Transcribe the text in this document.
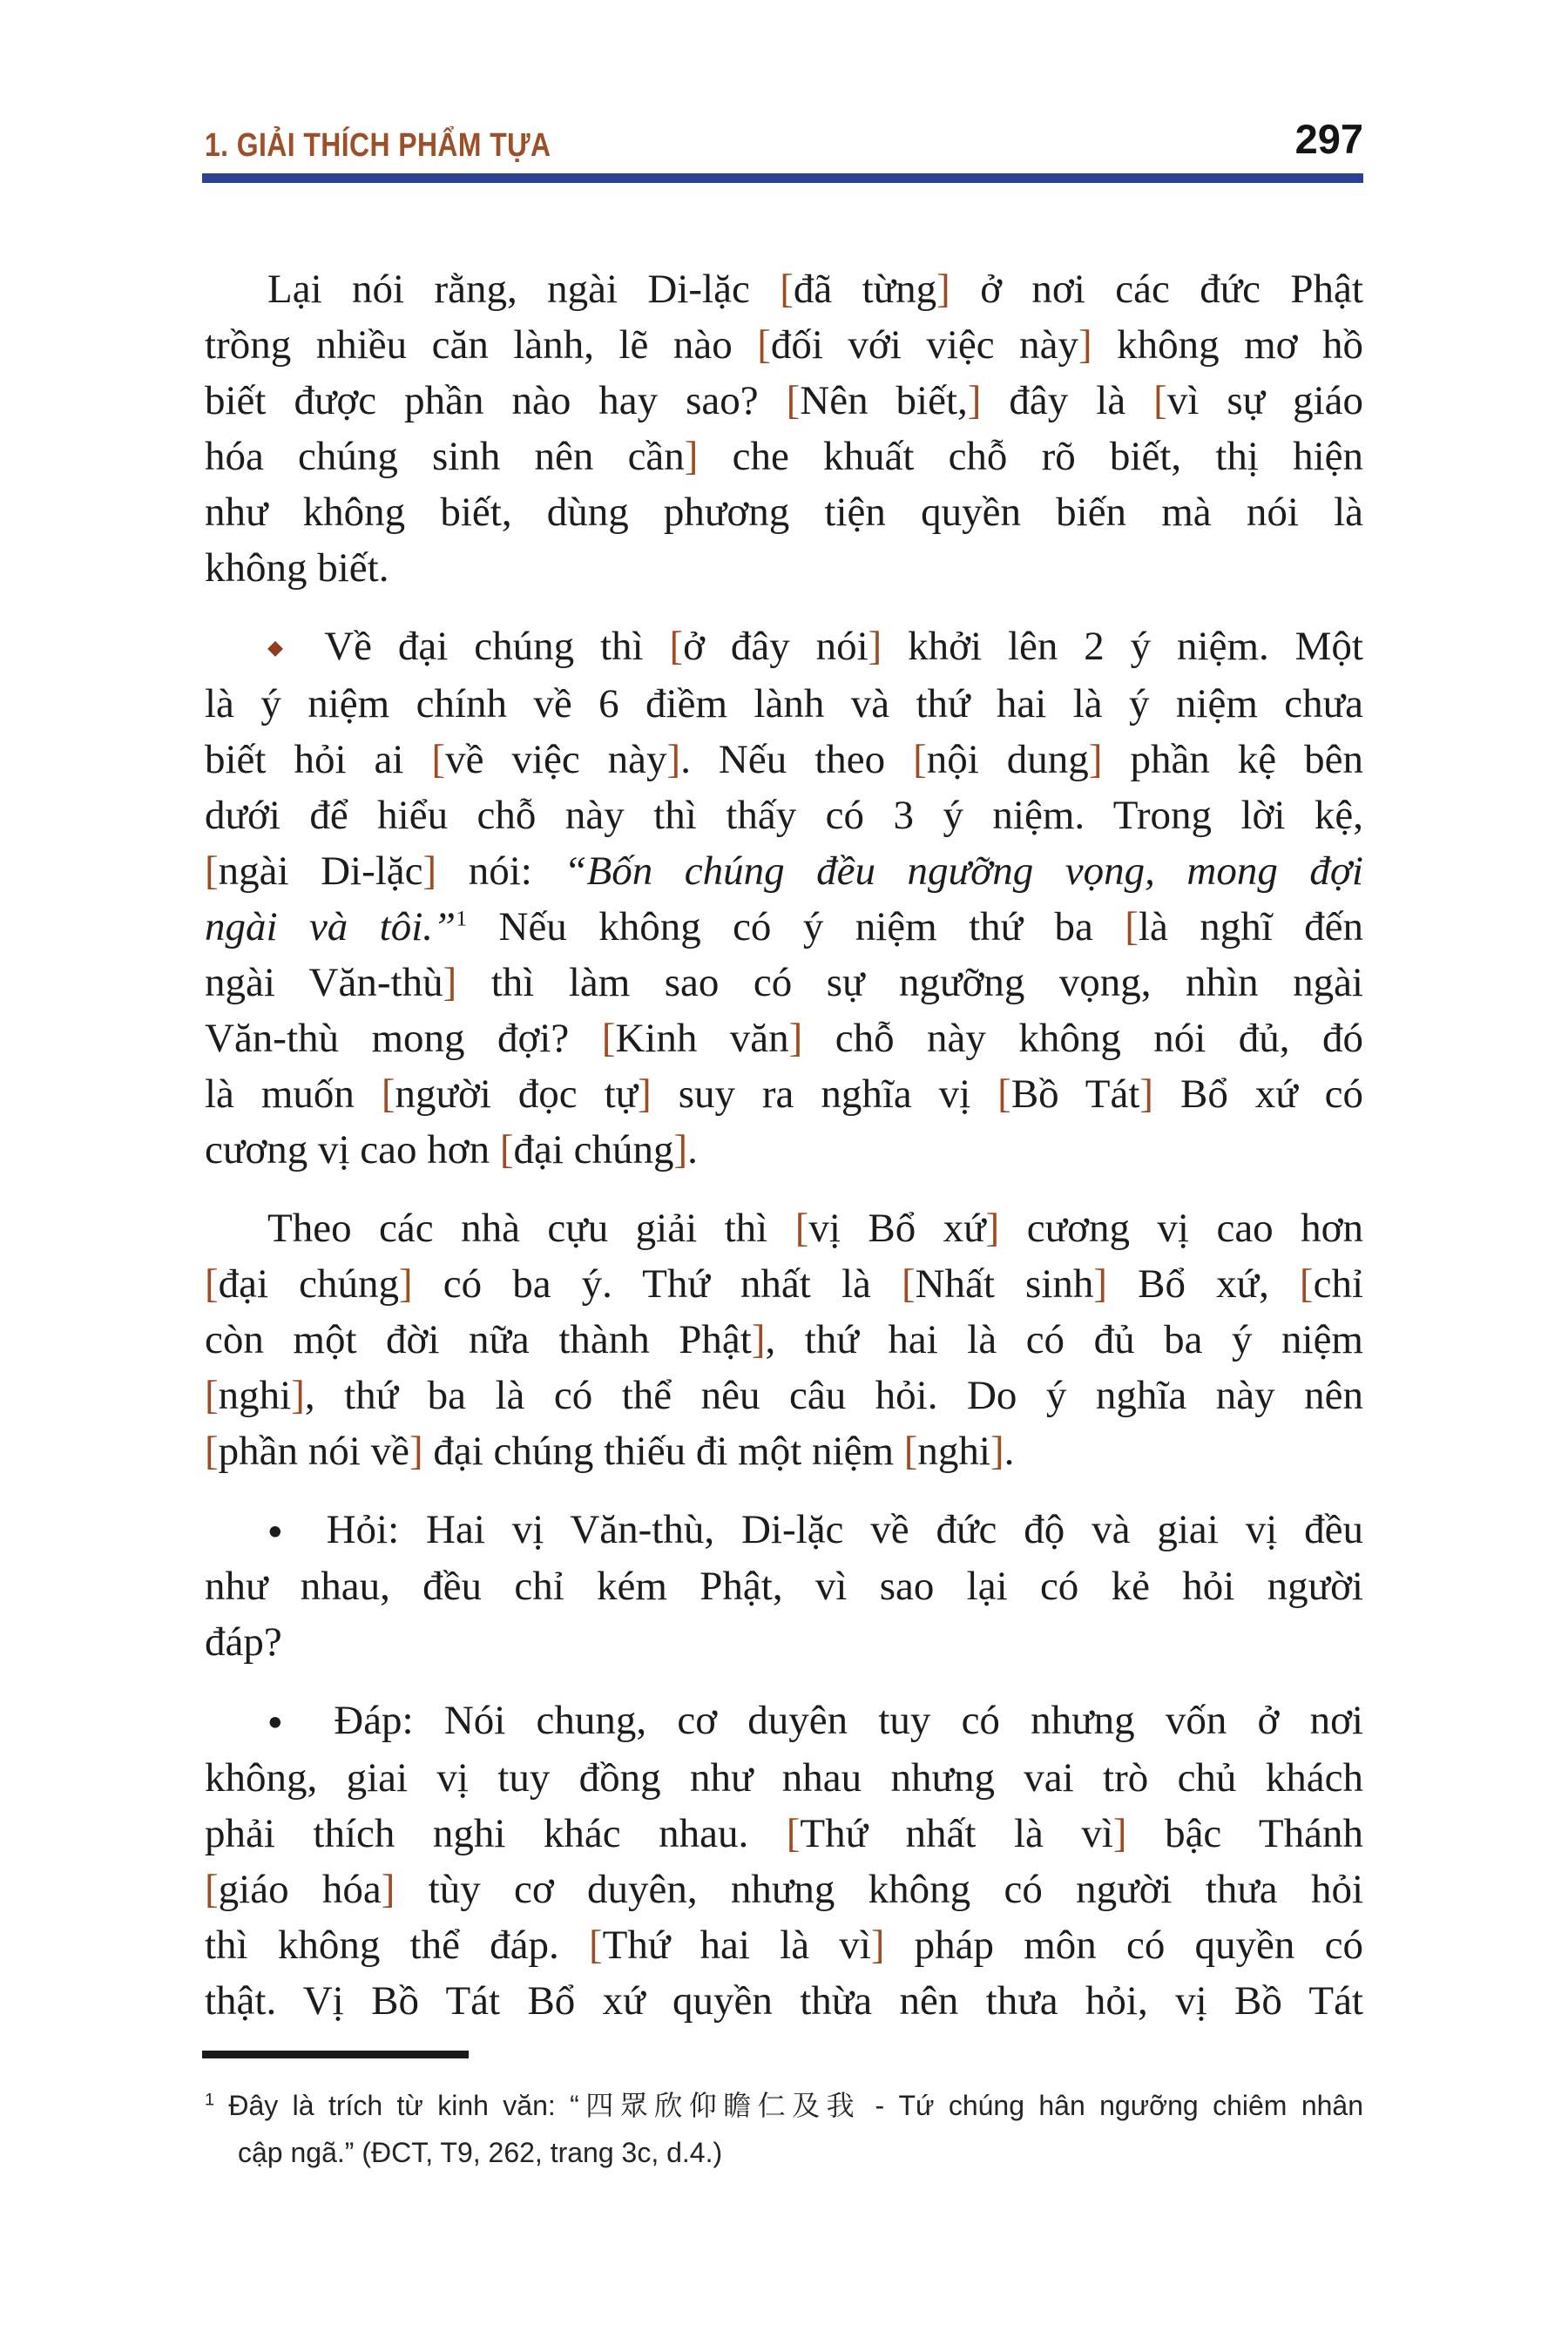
1. GIẢI THÍCH PHẨM TỰA	297
Lại nói rằng, ngài Di-lặc [đã từng] ở nơi các đức Phật
trồng nhiều căn lành, lẽ nào [đối với việc này] không mơ hồ
biết được phần nào hay sao? [Nên biết,] đây là [vì sự giáo
hóa chúng sinh nên cần] che khuất chỗ rõ biết, thị hiện
như không biết, dùng phương tiện quyền biến mà nói là
không biết.
◆ Về đại chúng thì [ở đây nói] khởi lên 2 ý niệm. Một
là ý niệm chính về 6 điềm lành và thứ hai là ý niệm chưa
biết hỏi ai [về việc này]. Nếu theo [nội dung] phần kệ bên
dưới để hiểu chỗ này thì thấy có 3 ý niệm. Trong lời kệ,
[ngài Di-lặc] nói: “Bốn chúng đều ngưỡng vọng, mong đợi
ngài và tôi.”$^1$ Nếu không có ý niệm thứ ba [là nghĩ đến
ngài Văn-thù] thì làm sao có sự ngưỡng vọng, nhìn ngài
Văn-thù mong đợi? [Kinh văn] chỗ này không nói đủ, đó
là muốn [người đọc tự] suy ra nghĩa vị [Bồ Tát] Bổ xứ có
cương vị cao hơn [đại chúng].
Theo các nhà cựu giải thì [vị Bổ xứ] cương vị cao hơn
[đại chúng] có ba ý. Thứ nhất là [Nhất sinh] Bổ xứ, [chỉ
còn một đời nữa thành Phật], thứ hai là có đủ ba ý niệm
[nghi], thứ ba là có thể nêu câu hỏi. Do ý nghĩa này nên
[phần nói về] đại chúng thiếu đi một niệm [nghi].
● Hỏi: Hai vị Văn-thù, Di-lặc về đức độ và giai vị đều
như nhau, đều chỉ kém Phật, vì sao lại có kẻ hỏi người
đáp?
● Đáp: Nói chung, cơ duyên tuy có nhưng vốn ở nơi
không, giai vị tuy đồng như nhau nhưng vai trò chủ khách
phải thích nghi khác nhau. [Thứ nhất là vì] bậc Thánh
[giáo hóa] tùy cơ duyên, nhưng không có người thưa hỏi
thì không thể đáp. [Thứ hai là vì] pháp môn có quyền có
thật. Vị Bồ Tát Bổ xứ quyền thừa nên thưa hỏi, vị Bồ Tát
$^1$ Đây là trích từ kinh văn: “四眾欣仰瞻仁及我 - Tứ chúng hân ngưỡng chiêm nhân
cập ngã.” (ĐCT, T9, 262, trang 3c, d.4.)
